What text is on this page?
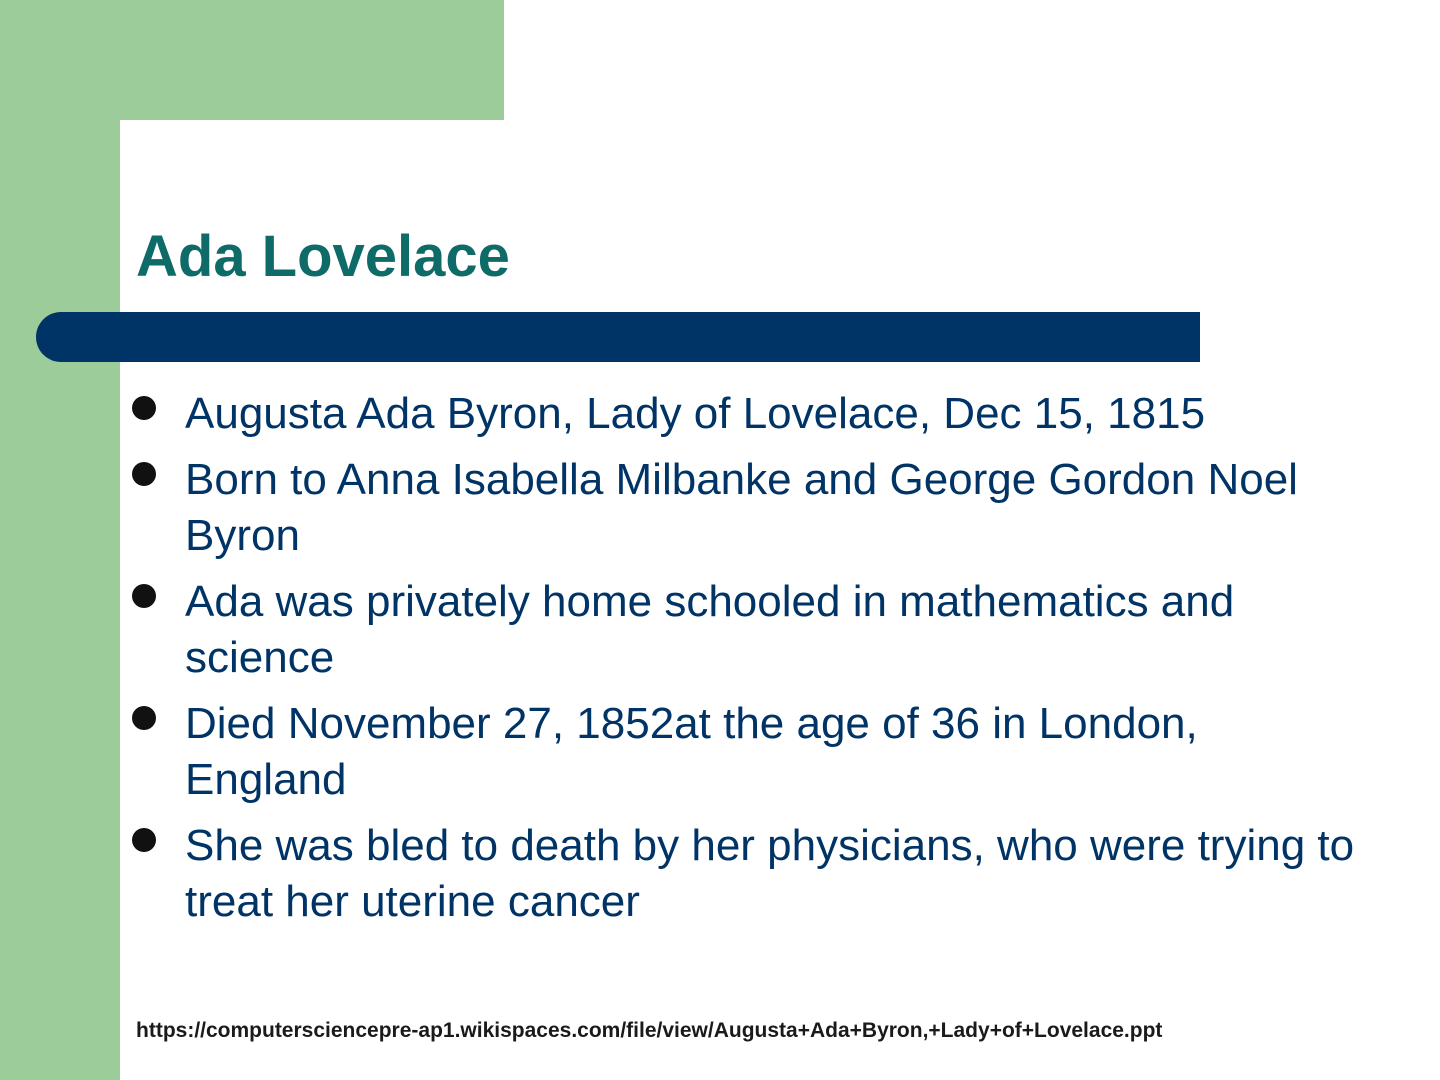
Ada Lovelace
Augusta Ada Byron, Lady of Lovelace, Dec 15, 1815
Born to Anna Isabella Milbanke and George Gordon Noel Byron
Ada was privately home schooled in mathematics and science
Died November 27, 1852at the age of 36 in London, England
She was bled to death by her physicians, who were trying to treat her uterine cancer
https://computersciencepre-ap1.wikispaces.com/file/view/Augusta+Ada+Byron,+Lady+of+Lovelace.ppt
